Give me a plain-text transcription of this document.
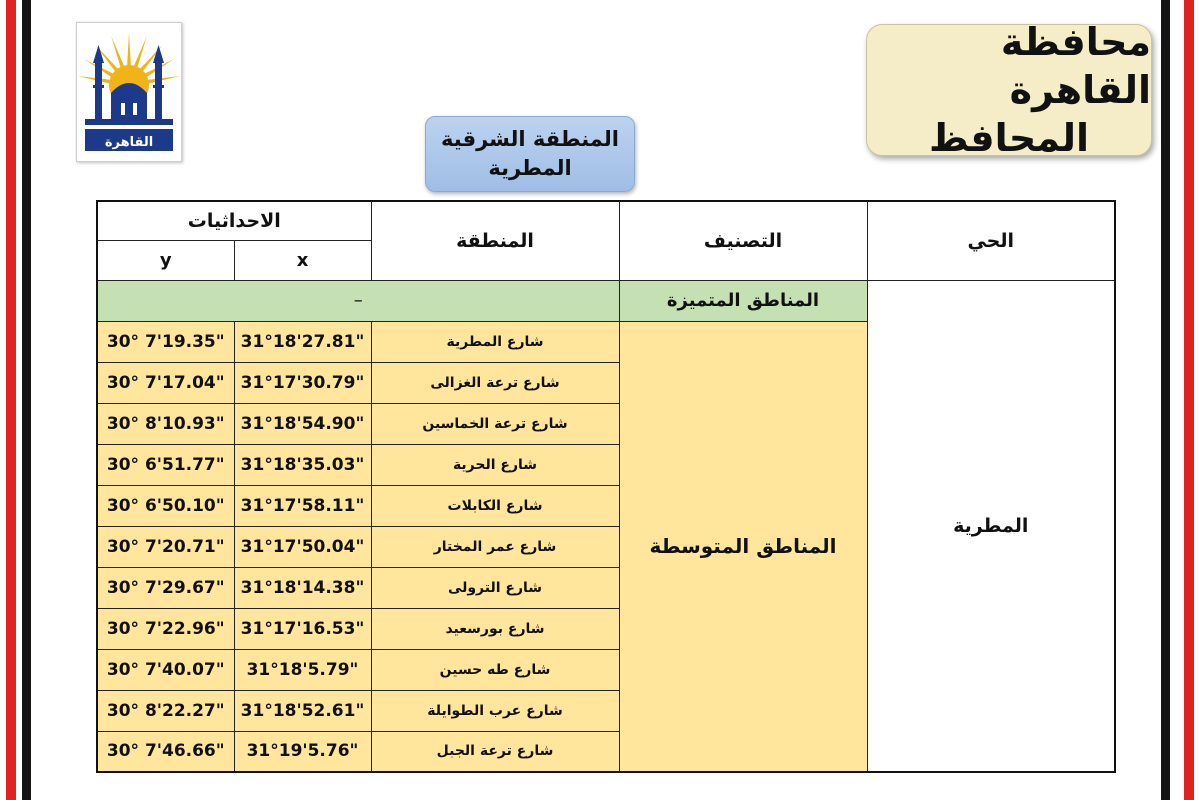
القاهرة
محافظة القاهرة
المحافظ
المنطقة الشرقية
المطرية
الاحداثيات		المنطقة	التصنيف	الحي
y	x			
–			المناطق المتميزة	المطرية
30° 7'19.35"	31°18'27.81"	شارع المطرية	المناطق المتوسطة	
30° 7'17.04"	31°17'30.79"	شارع ترعة الغزالى		
30° 8'10.93"	31°18'54.90"	شارع ترعة الخماسين		
30° 6'51.77"	31°18'35.03"	شارع الحرية		
30° 6'50.10"	31°17'58.11"	شارع الكابلات		
30° 7'20.71"	31°17'50.04"	شارع عمر المختار		
30° 7'29.67"	31°18'14.38"	شارع الترولى		
30° 7'22.96"	31°17'16.53"	شارع بورسعيد		
30° 7'40.07"	31°18'5.79"	شارع طه حسين		
30° 8'22.27"	31°18'52.61"	شارع عرب الطوايلة		
30° 7'46.66"	31°19'5.76"	شارع ترعة الجبل		
